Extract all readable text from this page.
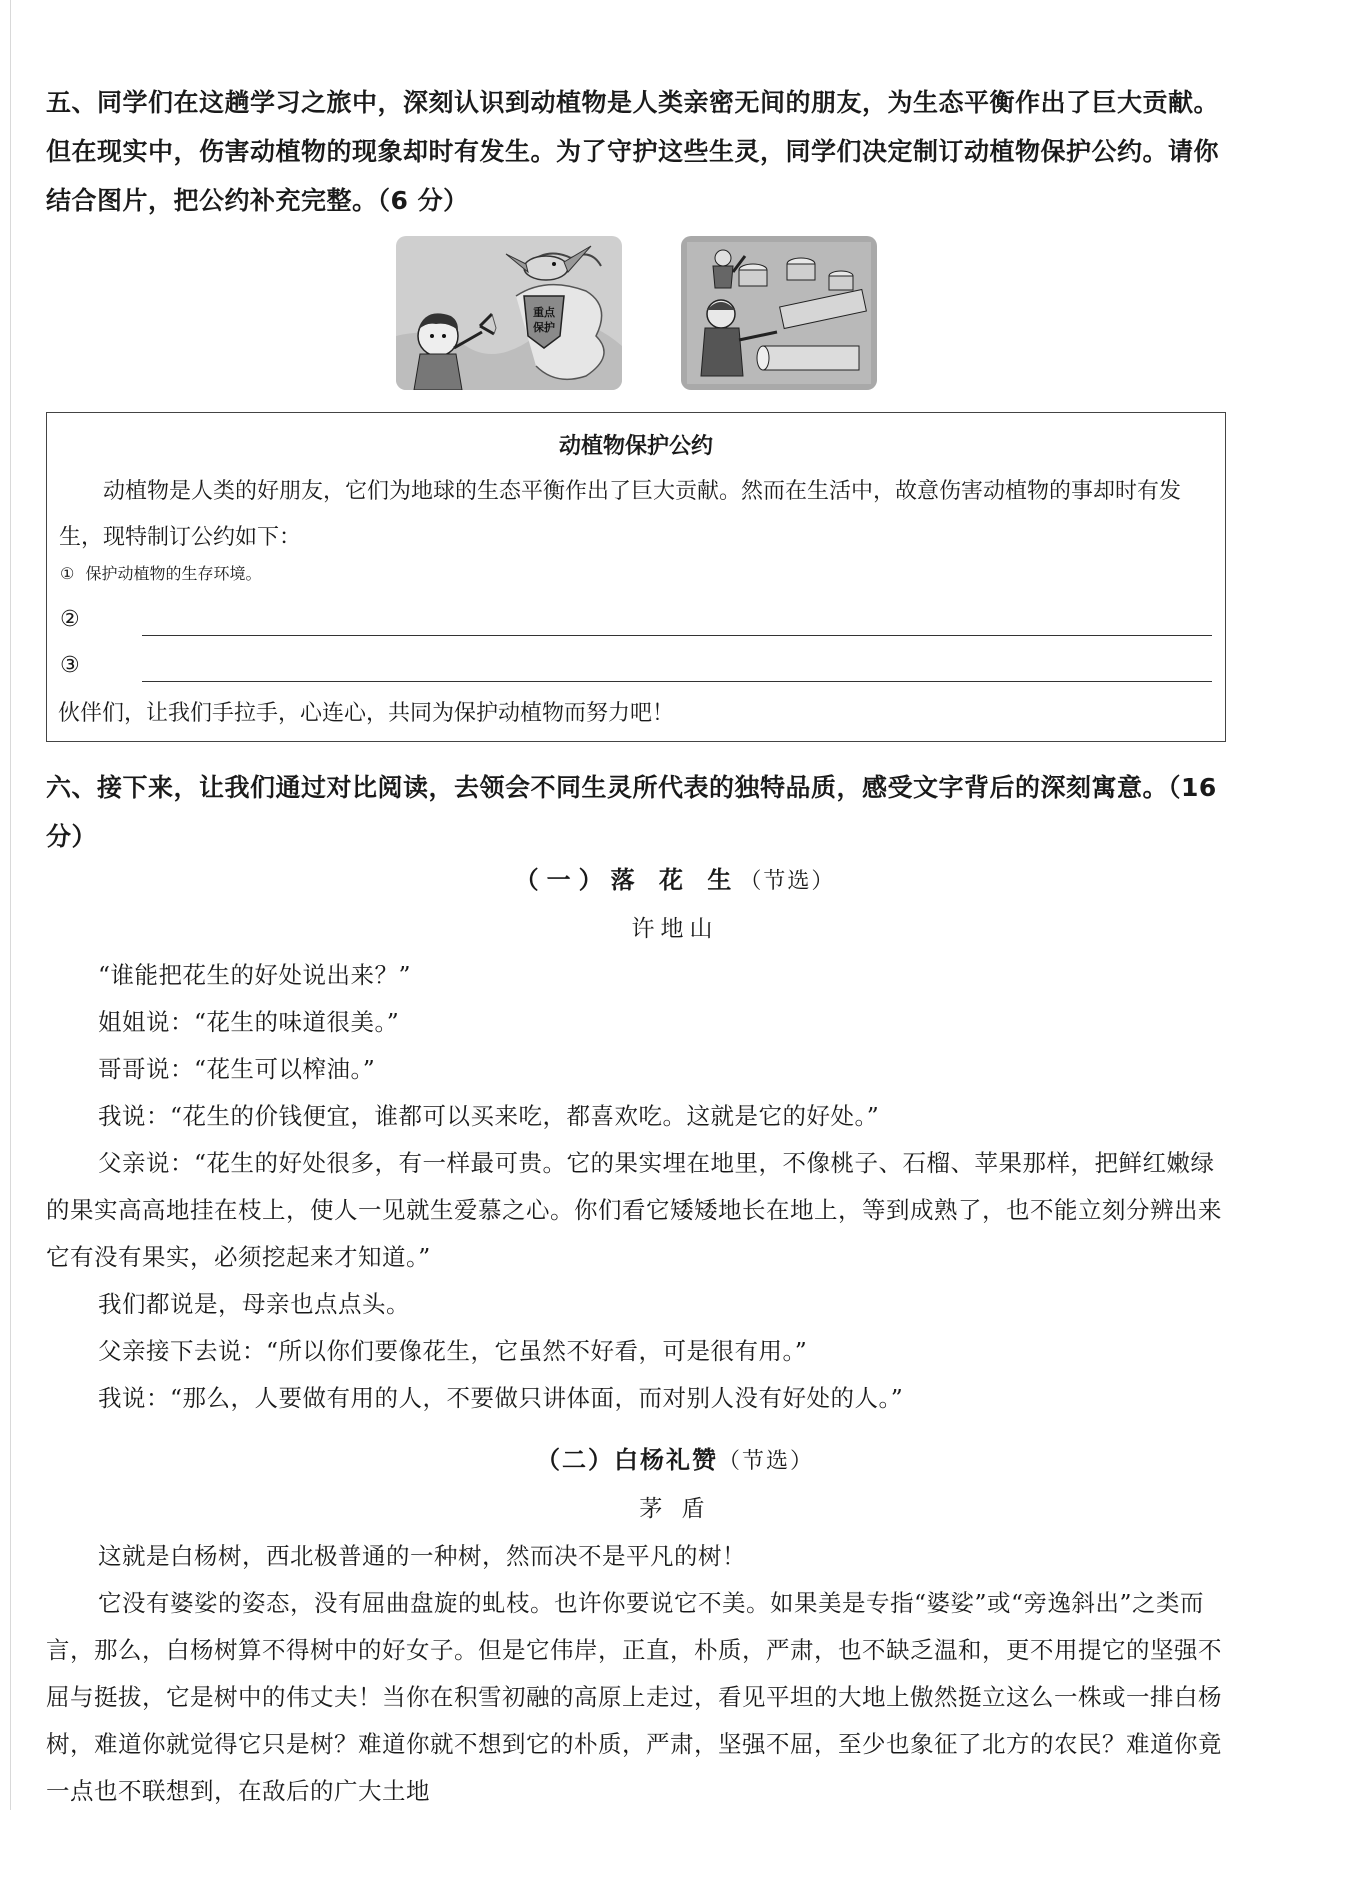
五、同学们在这趟学习之旅中，深刻认识到动植物是人类亲密无间的朋友，为生态平衡作出了巨大贡献。但在现实中，伤害动植物的现象却时有发生。为了守护这些生灵，同学们决定制订动植物保护公约。请你结合图片，把公约补充完整。（6 分）
重点
保护
动植物保护公约
动植物是人类的好朋友，它们为地球的生态平衡作出了巨大贡献。然而在生活中，故意伤害动植物的事却时有发生，现特制订公约如下：
① 保护动植物的生存环境。
②
③
伙伴们，让我们手拉手，心连心，共同为保护动植物而努力吧！
六、接下来，让我们通过对比阅读，去领会不同生灵所代表的独特品质，感受文字背后的深刻寓意。（16 分）
（一）落 花 生（节选）
许地山
“谁能把花生的好处说出来？”
姐姐说：“花生的味道很美。”
哥哥说：“花生可以榨油。”
我说：“花生的价钱便宜，谁都可以买来吃，都喜欢吃。这就是它的好处。”
父亲说：“花生的好处很多，有一样最可贵。它的果实埋在地里，不像桃子、石榴、苹果那样，把鲜红嫩绿的果实高高地挂在枝上，使人一见就生爱慕之心。你们看它矮矮地长在地上，等到成熟了，也不能立刻分辨出来它有没有果实，必须挖起来才知道。”
我们都说是，母亲也点点头。
父亲接下去说：“所以你们要像花生，它虽然不好看，可是很有用。”
我说：“那么，人要做有用的人，不要做只讲体面，而对别人没有好处的人。”
（二）白杨礼赞（节选）
茅 盾
这就是白杨树，西北极普通的一种树，然而决不是平凡的树！
它没有婆娑的姿态，没有屈曲盘旋的虬枝。也许你要说它不美。如果美是专指“婆娑”或“旁逸斜出”之类而言，那么，白杨树算不得树中的好女子。但是它伟岸，正直，朴质，严肃，也不缺乏温和，更不用提它的坚强不屈与挺拔，它是树中的伟丈夫！当你在积雪初融的高原上走过，看见平坦的大地上傲然挺立这么一株或一排白杨树，难道你就觉得它只是树？难道你就不想到它的朴质，严肃，坚强不屈，至少也象征了北方的农民？难道你竟一点也不联想到，在敌后的广大土地
